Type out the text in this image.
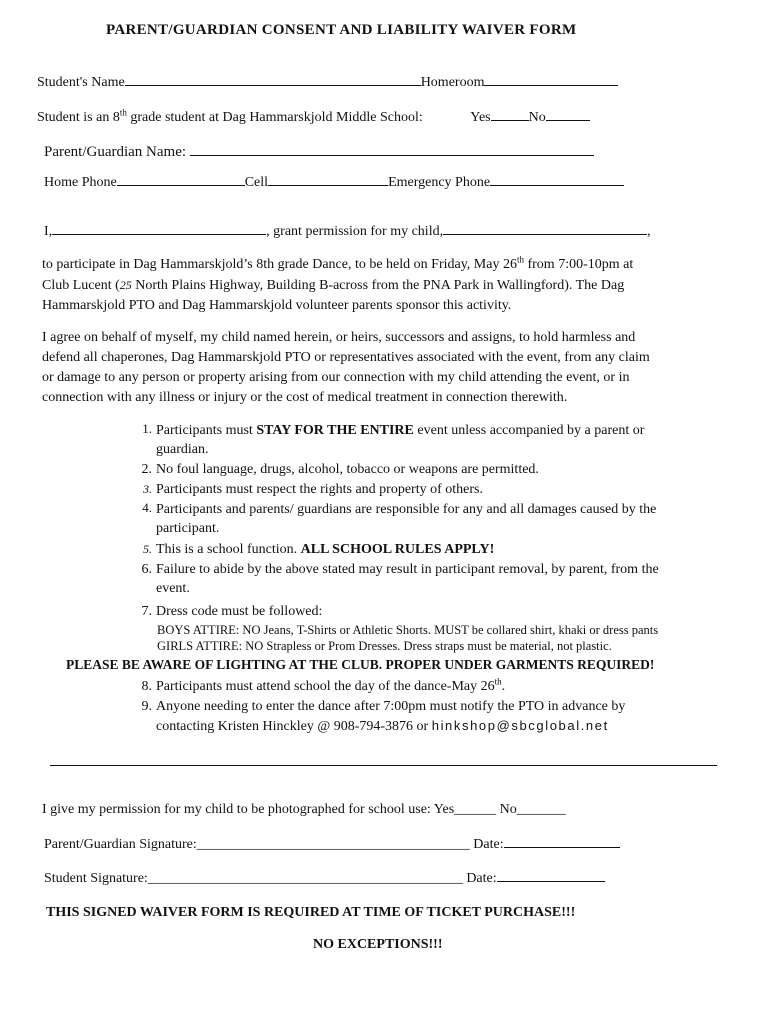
PARENT/GUARDIAN CONSENT AND LIABILITY WAIVER FORM
Student's Name	Homeroom
Student is an 8th grade student at Dag Hammarskjold Middle School:	Yes	No
Parent/Guardian Name:
Home Phone	Cell	Emergency Phone
I,	, grant permission for my child,	,
to participate in Dag Hammarskjold’s 8th grade Dance, to be held on Friday, May 26th from 7:00-10pm at
Club Lucent (25 North Plains Highway, Building B-across from the PNA Park in Wallingford). The Dag
Hammarskjold PTO and Dag Hammarskjold volunteer parents sponsor this activity.
I agree on behalf of myself, my child named herein, or heirs, successors and assigns, to hold harmless and
defend all chaperones, Dag Hammarskjold PTO or representatives associated with the event, from any claim
or damage to any person or property arising from our connection with my child attending the event, or in
connection with any illness or injury or the cost of medical treatment in connection therewith.
1. Participants must STAY FOR THE ENTIRE event unless accompanied by a parent or
guardian.
2. No foul language, drugs, alcohol, tobacco or weapons are permitted.
3. Participants must respect the rights and property of others.
4. Participants and parents/ guardians are responsible for any and all damages caused by the
participant.
5. This is a school function. ALL SCHOOL RULES APPLY!
6. Failure to abide by the above stated may result in participant removal, by parent, from the
event.
7. Dress code must be followed:
BOYS ATTIRE: NO Jeans, T-Shirts or Athletic Shorts. MUST be collared shirt, khaki or dress pants
GIRLS ATTIRE: NO Strapless or Prom Dresses. Dress straps must be material, not plastic.
PLEASE BE AWARE OF LIGHTING AT THE CLUB. PROPER UNDER GARMENTS REQUIRED!
8. Participants must attend school the day of the dance-May 26th.
9. Anyone needing to enter the dance after 7:00pm must notify the PTO in advance by
contacting Kristen Hinckley @ 908-794-3876 or hinkshop@sbcglobal.net
I give my permission for my child to be photographed for school use: Yes______ No_______
Parent/Guardian Signature:_______________________________________ Date:
Student Signature:_____________________________________________ Date:
THIS SIGNED WAIVER FORM IS REQUIRED AT TIME OF TICKET PURCHASE!!!
NO EXCEPTIONS!!!
